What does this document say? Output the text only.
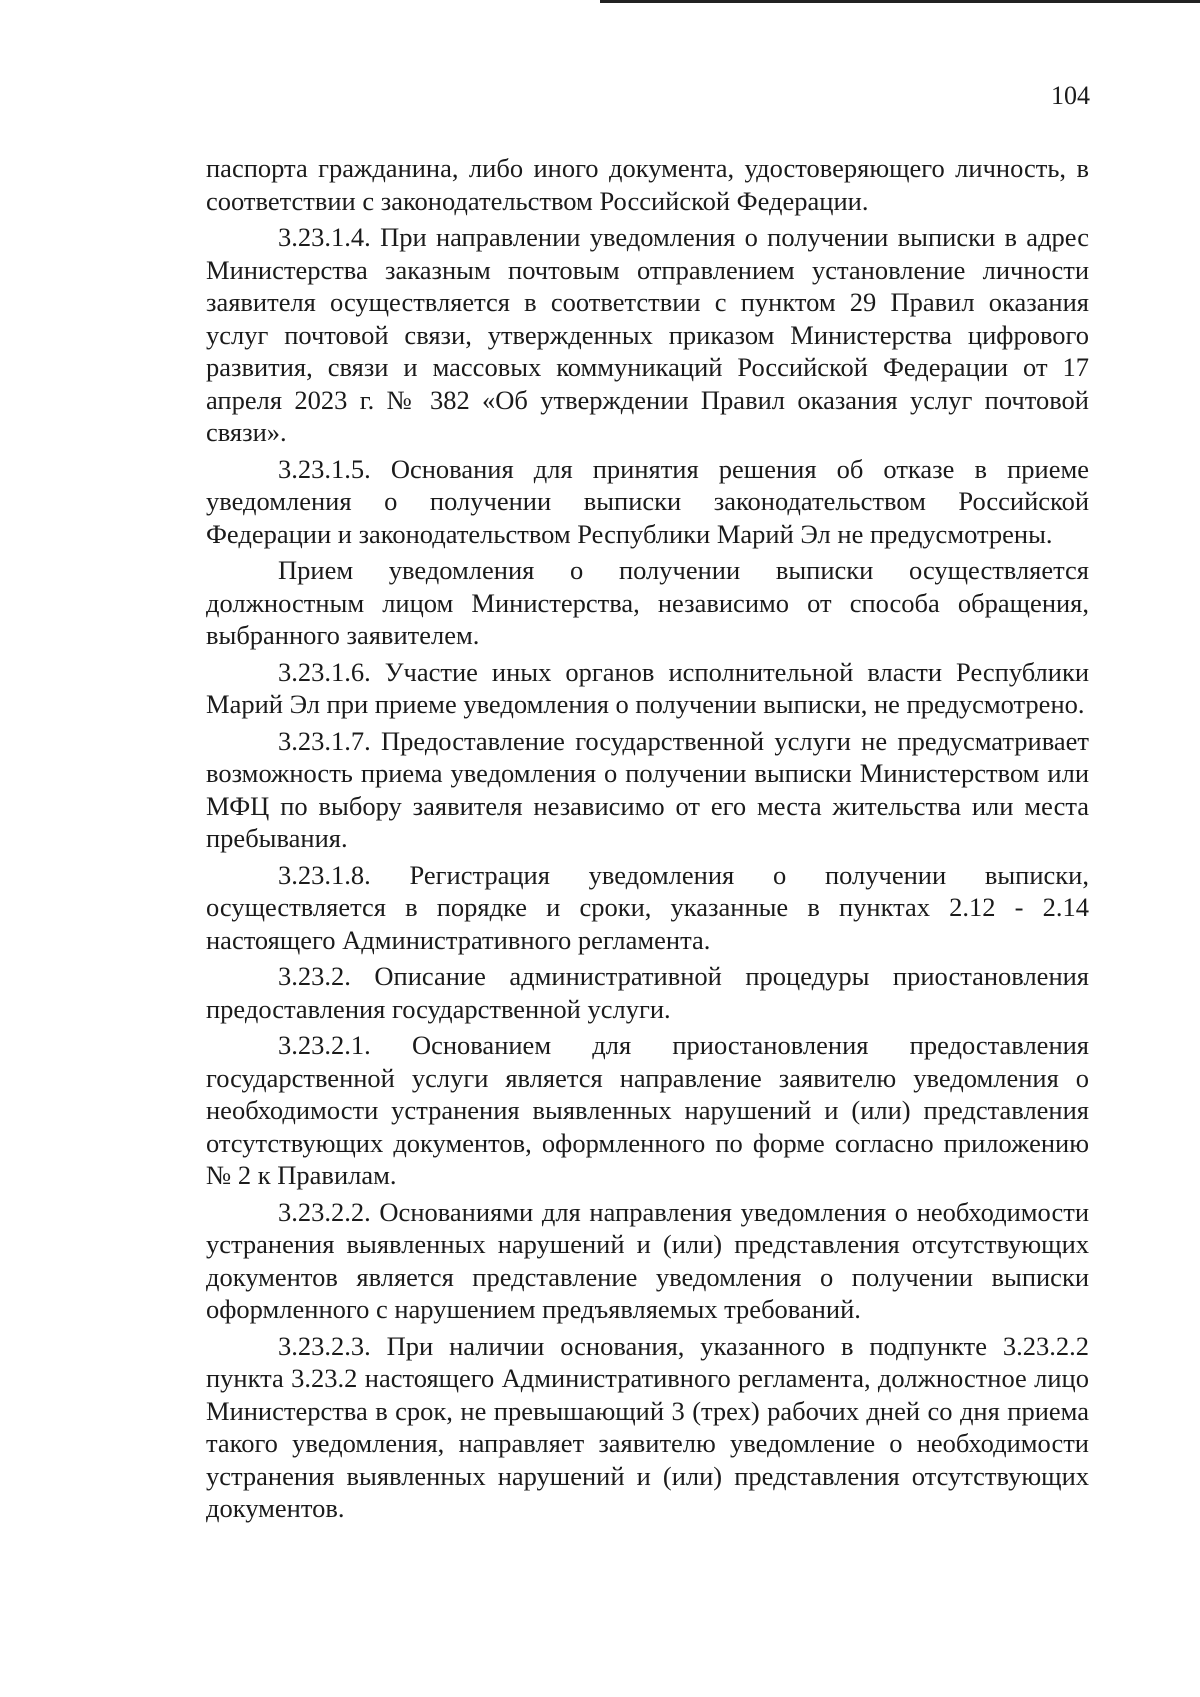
104

паспорта гражданина, либо иного документа, удостоверяющего личность, в соответствии с законодательством Российской Федерации.

3.23.1.4. При направлении уведомления о получении выписки в адрес Министерства заказным почтовым отправлением установление личности заявителя осуществляется в соответствии с пунктом 29 Правил оказания услуг почтовой связи, утвержденных приказом Министерства цифрового развития, связи и массовых коммуникаций Российской Федерации от 17 апреля 2023 г. № 382 «Об утверждении Правил оказания услуг почтовой связи».

3.23.1.5. Основания для принятия решения об отказе в приеме уведомления о получении выписки законодательством Российской Федерации и законодательством Республики Марий Эл не предусмотрены.

Прием уведомления о получении выписки осуществляется должностным лицом Министерства, независимо от способа обращения, выбранного заявителем.

3.23.1.6. Участие иных органов исполнительной власти Республики Марий Эл при приеме уведомления о получении выписки, не предусмотрено.

3.23.1.7. Предоставление государственной услуги не предусматривает возможность приема уведомления о получении выписки Министерством или МФЦ по выбору заявителя независимо от его места жительства или места пребывания.

3.23.1.8. Регистрация уведомления о получении выписки, осуществляется в порядке и сроки, указанные в пунктах 2.12 - 2.14 настоящего Административного регламента.

3.23.2. Описание административной процедуры приостановления предоставления государственной услуги.

3.23.2.1. Основанием для приостановления предоставления государственной услуги является направление заявителю уведомления о необходимости устранения выявленных нарушений и (или) представления отсутствующих документов, оформленного по форме согласно приложению № 2 к Правилам.

3.23.2.2. Основаниями для направления уведомления о необходимости устранения выявленных нарушений и (или) представления отсутствующих документов является представление уведомления о получении выписки оформленного с нарушением предъявляемых требований.

3.23.2.3. При наличии основания, указанного в подпункте 3.23.2.2 пункта 3.23.2 настоящего Административного регламента, должностное лицо Министерства в срок, не превышающий 3 (трех) рабочих дней со дня приема такого уведомления, направляет заявителю уведомление о необходимости устранения выявленных нарушений и (или) представления отсутствующих документов.
